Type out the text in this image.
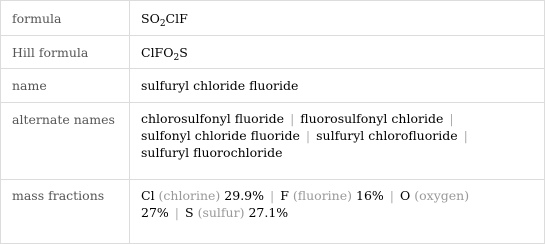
formula	$SO_2ClF$
Hill formula	ClFO$_2$S
name	sulfuryl chloride fluoride
alternate names	chlorosulfonyl fluoride | fluorosulfonyl chloride |
sulfonyl chloride fluoride | sulfuryl chlorofluoride |
sulfuryl fluorochloride
mass fractions	Cl (chlorine) 29.9% | F (fluorine) 16% | O (oxygen)
27% | S (sulfur) 27.1%
